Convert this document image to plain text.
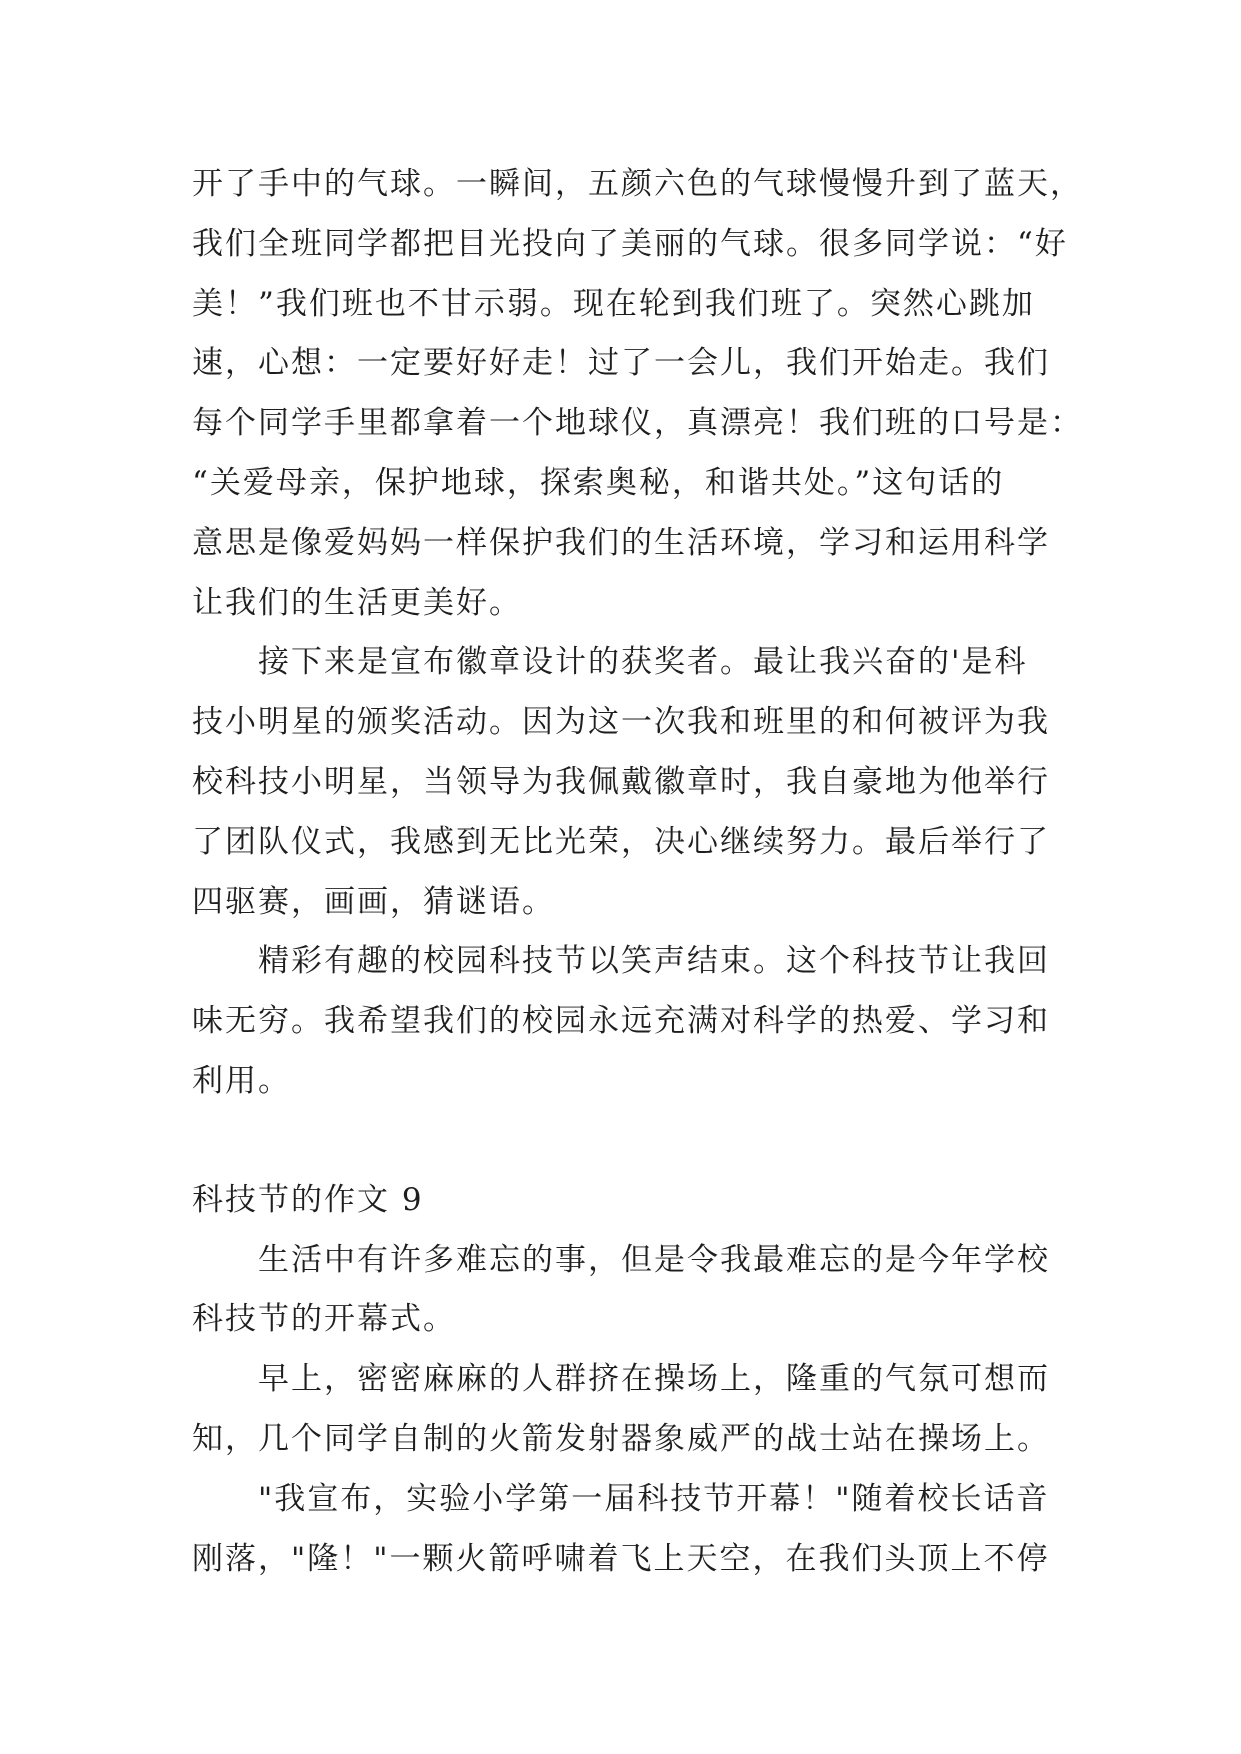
开了手中的气球。一瞬间，五颜六色的气球慢慢升到了蓝天，
我们全班同学都把目光投向了美丽的气球。很多同学说：“好
美！”我们班也不甘示弱。现在轮到我们班了。突然心跳加
速，心想：一定要好好走！过了一会儿，我们开始走。我们
每个同学手里都拿着一个地球仪，真漂亮！我们班的口号是：
“关爱母亲，保护地球，探索奥秘，和谐共处。”这句话的
意思是像爱妈妈一样保护我们的生活环境，学习和运用科学
让我们的生活更美好。
接下来是宣布徽章设计的获奖者。最让我兴奋的'是科
技小明星的颁奖活动。因为这一次我和班里的和何被评为我
校科技小明星，当领导为我佩戴徽章时，我自豪地为他举行
了团队仪式，我感到无比光荣，决心继续努力。最后举行了
四驱赛，画画，猜谜语。
精彩有趣的校园科技节以笑声结束。这个科技节让我回
味无穷。我希望我们的校园永远充满对科学的热爱、学习和
利用。
科技节的作文 9
生活中有许多难忘的事，但是令我最难忘的是今年学校
科技节的开幕式。
早上，密密麻麻的人群挤在操场上，隆重的气氛可想而
知，几个同学自制的火箭发射器象威严的战士站在操场上。
"我宣布，实验小学第一届科技节开幕！"随着校长话音
刚落，"隆！"一颗火箭呼啸着飞上天空，在我们头顶上不停
